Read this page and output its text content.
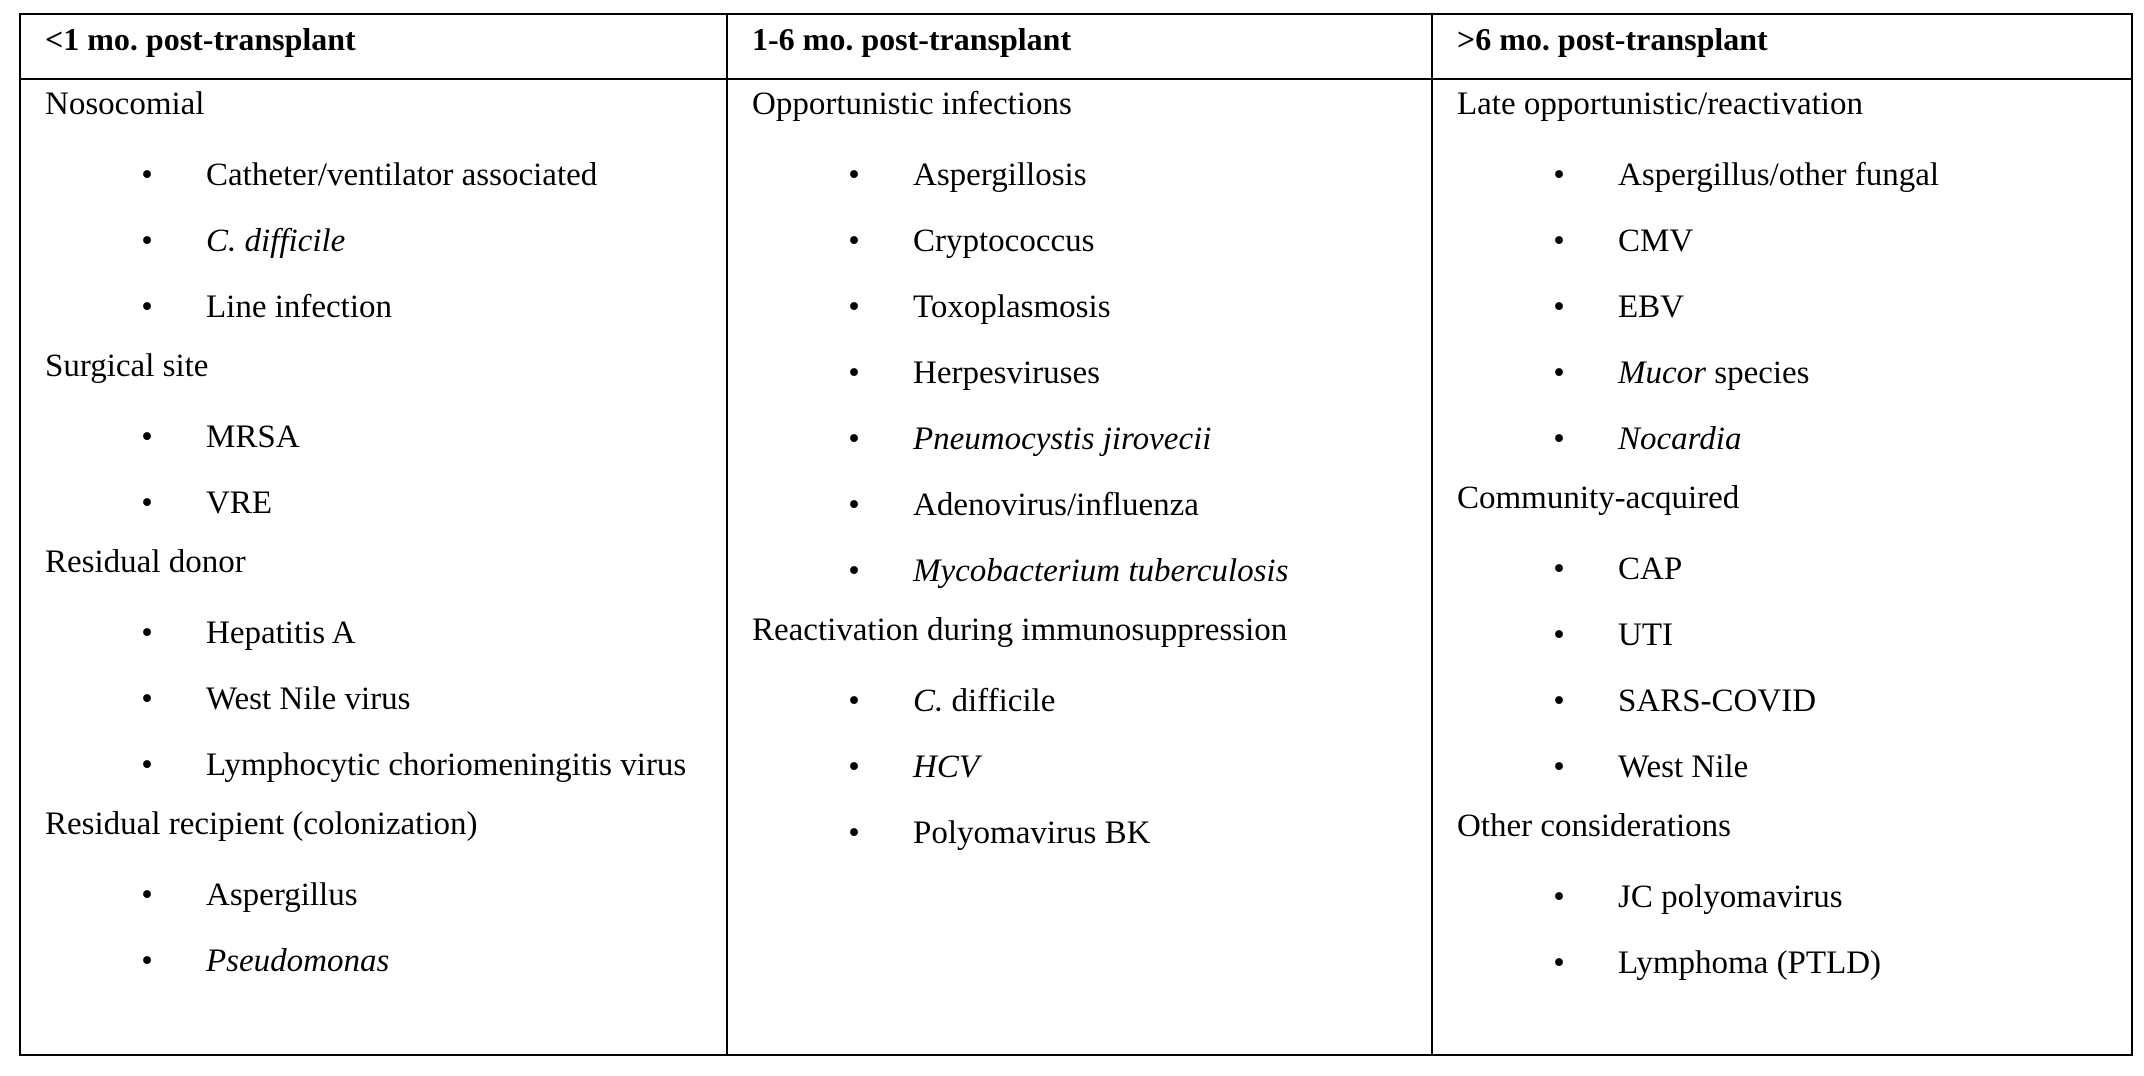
<1 mo. post-transplant
Nosocomial
•	Catheter/ventilator associated
•	C. difficile
•	Line infection
Surgical site
•	MRSA
•	VRE
Residual donor
•	Hepatitis A
•	West Nile virus
•	Lymphocytic choriomeningitis virus
Residual recipient (colonization)
•	Aspergillus
•	Pseudomonas
1-6 mo. post-transplant
Opportunistic infections
•	Aspergillosis
•	Cryptococcus
•	Toxoplasmosis
•	Herpesviruses
•	Pneumocystis jirovecii
•	Adenovirus/influenza
•	Mycobacterium tuberculosis
Reactivation during immunosuppression
•	C. difficile
•	HCV
•	Polyomavirus BK
>6 mo. post-transplant
Late opportunistic/reactivation
•	Aspergillus/other fungal
•	CMV
•	EBV
•	Mucor species
•	Nocardia
Community-acquired
•	CAP
•	UTI
•	SARS-COVID
•	West Nile
Other considerations
•	JC polyomavirus
•	Lymphoma (PTLD)
